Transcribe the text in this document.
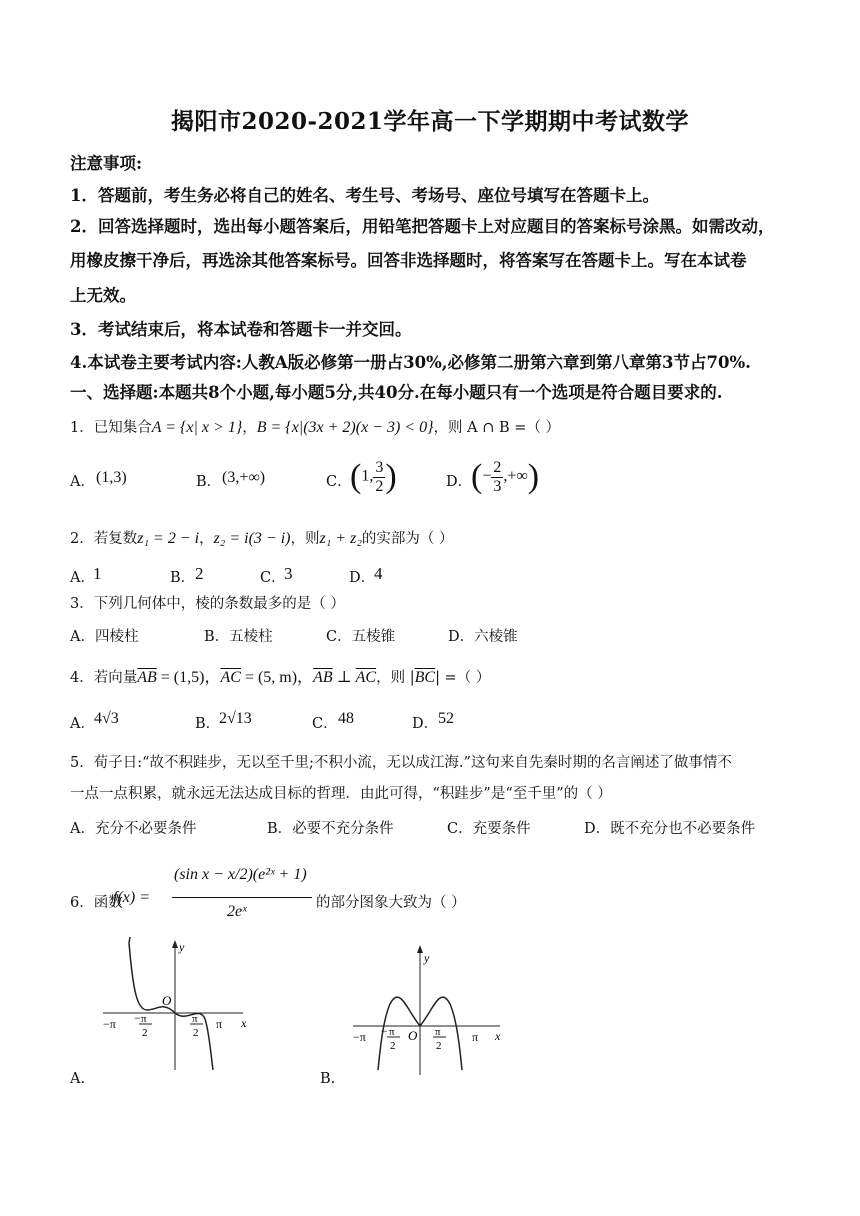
揭阳市2020-2021学年高一下学期期中考试数学
注意事项:
1．答题前，考生务必将自己的姓名、考生号、考场号、座位号填写在答题卡上。
2．回答选择题时，选出每小题答案后，用铅笔把答题卡上对应题目的答案标号涂黑。如需改动，
用橡皮擦干净后，再选涂其他答案标号。回答非选择题时，将答案写在答题卡上。写在本试卷
上无效。
3．考试结束后，将本试卷和答题卡一并交回。
4.本试卷主要考试内容:人教A版必修第一册占30%,必修第二册第六章到第八章第3节占70%.
一、选择题:本题共8个小题,每小题5分,共40分.在每小题只有一个选项是符合题目要求的.
1．已知集合A = {x| x > 1}，B = {x|(3x + 2)(x − 3) < 0}，则 A ∩ B =（ ）
A． (1,3)	B． (3,+∞)	C．
(1, $\frac{3}{2}$ )	D．
(− $\frac{2}{3}$ ,+∞)
2．若复数z₁ = 2 − i，z₂ = i(3 − i)，则z₁ + z₂的实部为（ ）
A．
1	B． 2	C．
3	D．
4
3．下列几何体中，棱的条数最多的是（ ）
A．四棱柱	B．五棱柱	C．五棱锥	D．六棱锥
4．若向量$\overline{AB} = (1,5)$，$\overline{AC} = (5$, m)，$\overline{AB}$ ⊥ $\overline{AC}$，则 $|\overline{BC}|$ =（ ）
A． 4√3	B．
2√13	C． 48	D． 52
5．荀子日:“故不积跬步，无以至千里;不积小流，无以成江海.”这句来自先秦时期的名言阐述了做事情不
一点一点积累，就永远无法达成目标的哲理．由此可得，“积跬步”是“至千里”的（ ）
A．充分不必要条件	B．必要不充分条件	C．充要条件	D．既不充分也不必要条件
6．函数
f(x) =
(sin x − x/2)(e²ˣ + 1)
2eˣ	的部分图象大致为（ ）
y
x
O
−π	π
− π
2
π
2
A.
y
x
O
−π	π
− π
2
π
2
B.
